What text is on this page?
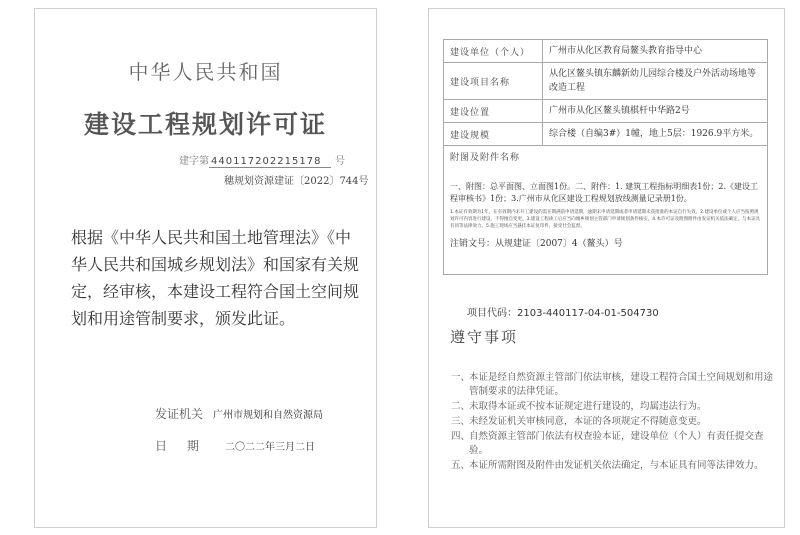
中华人民共和国
建设工程规划许可证
建字第 440117202215178 号
穗规划资源建证〔2022〕744号
根据《中华人民共和国土地管理法》《中华人民共和国城乡规划法》和国家有关规定，经审核，本建设工程符合国土空间规划和用途管制要求，颁发此证。
发证机关 广州市规划和自然资源局
日期 二〇二二年三月二日
建设单位（个人）	广州市从化区教育局鳌头教育指导中心
建设项目名称	从化区鳌头镇东麟新幼儿园综合楼及户外活动场地等改造工程
建设位置	广州市从化区鳌头镇棋杆中华路2号
建设规模	综合楼（自编3#）1幢，地上5层：1926.9平方米。

附图及附件名称
一、附图：总平面图、立面图1份。二、附件：1. 建筑工程指标明细表1份；2.《建设工程审核书》1份；3.广州市从化区建设工程规划放线测量记录册1份。
1.本证有效期为1年，在有效期内未开工建设的需在期满前申请延期，逾期未申请延期或者申请延期未获批准的本证自行失效。2.建设单位或个人应当按照规划许可内容进行建设，不得擅自变更。3.建设工程竣工后应当向城乡规划主管部门申请规划条件核实。4.本许可证及附图附件由发证机关依法确定，与本证具有同等法律效力。5.施工现场应当悬挂本证复印件，接受社会监督。
注销文号：从规建证〔2007〕4（鳌头）号	
项目代码：2103-440117-04-01-504730
遵守事项
一、
本证是经自然资源主管部门依法审核，建设工程符合国土空间规划和用途管制要求的法律凭证。
二、
未取得本证或不按本证规定进行建设的，均属违法行为。
三、
未经发证机关审核同意，本证的各项规定不得随意变更。
四、
自然资源主管部门依法有权查验本证，建设单位（个人）有责任提交查验。
五、
本证所需附图及附件由发证机关依法确定，与本证具有同等法律效力。
